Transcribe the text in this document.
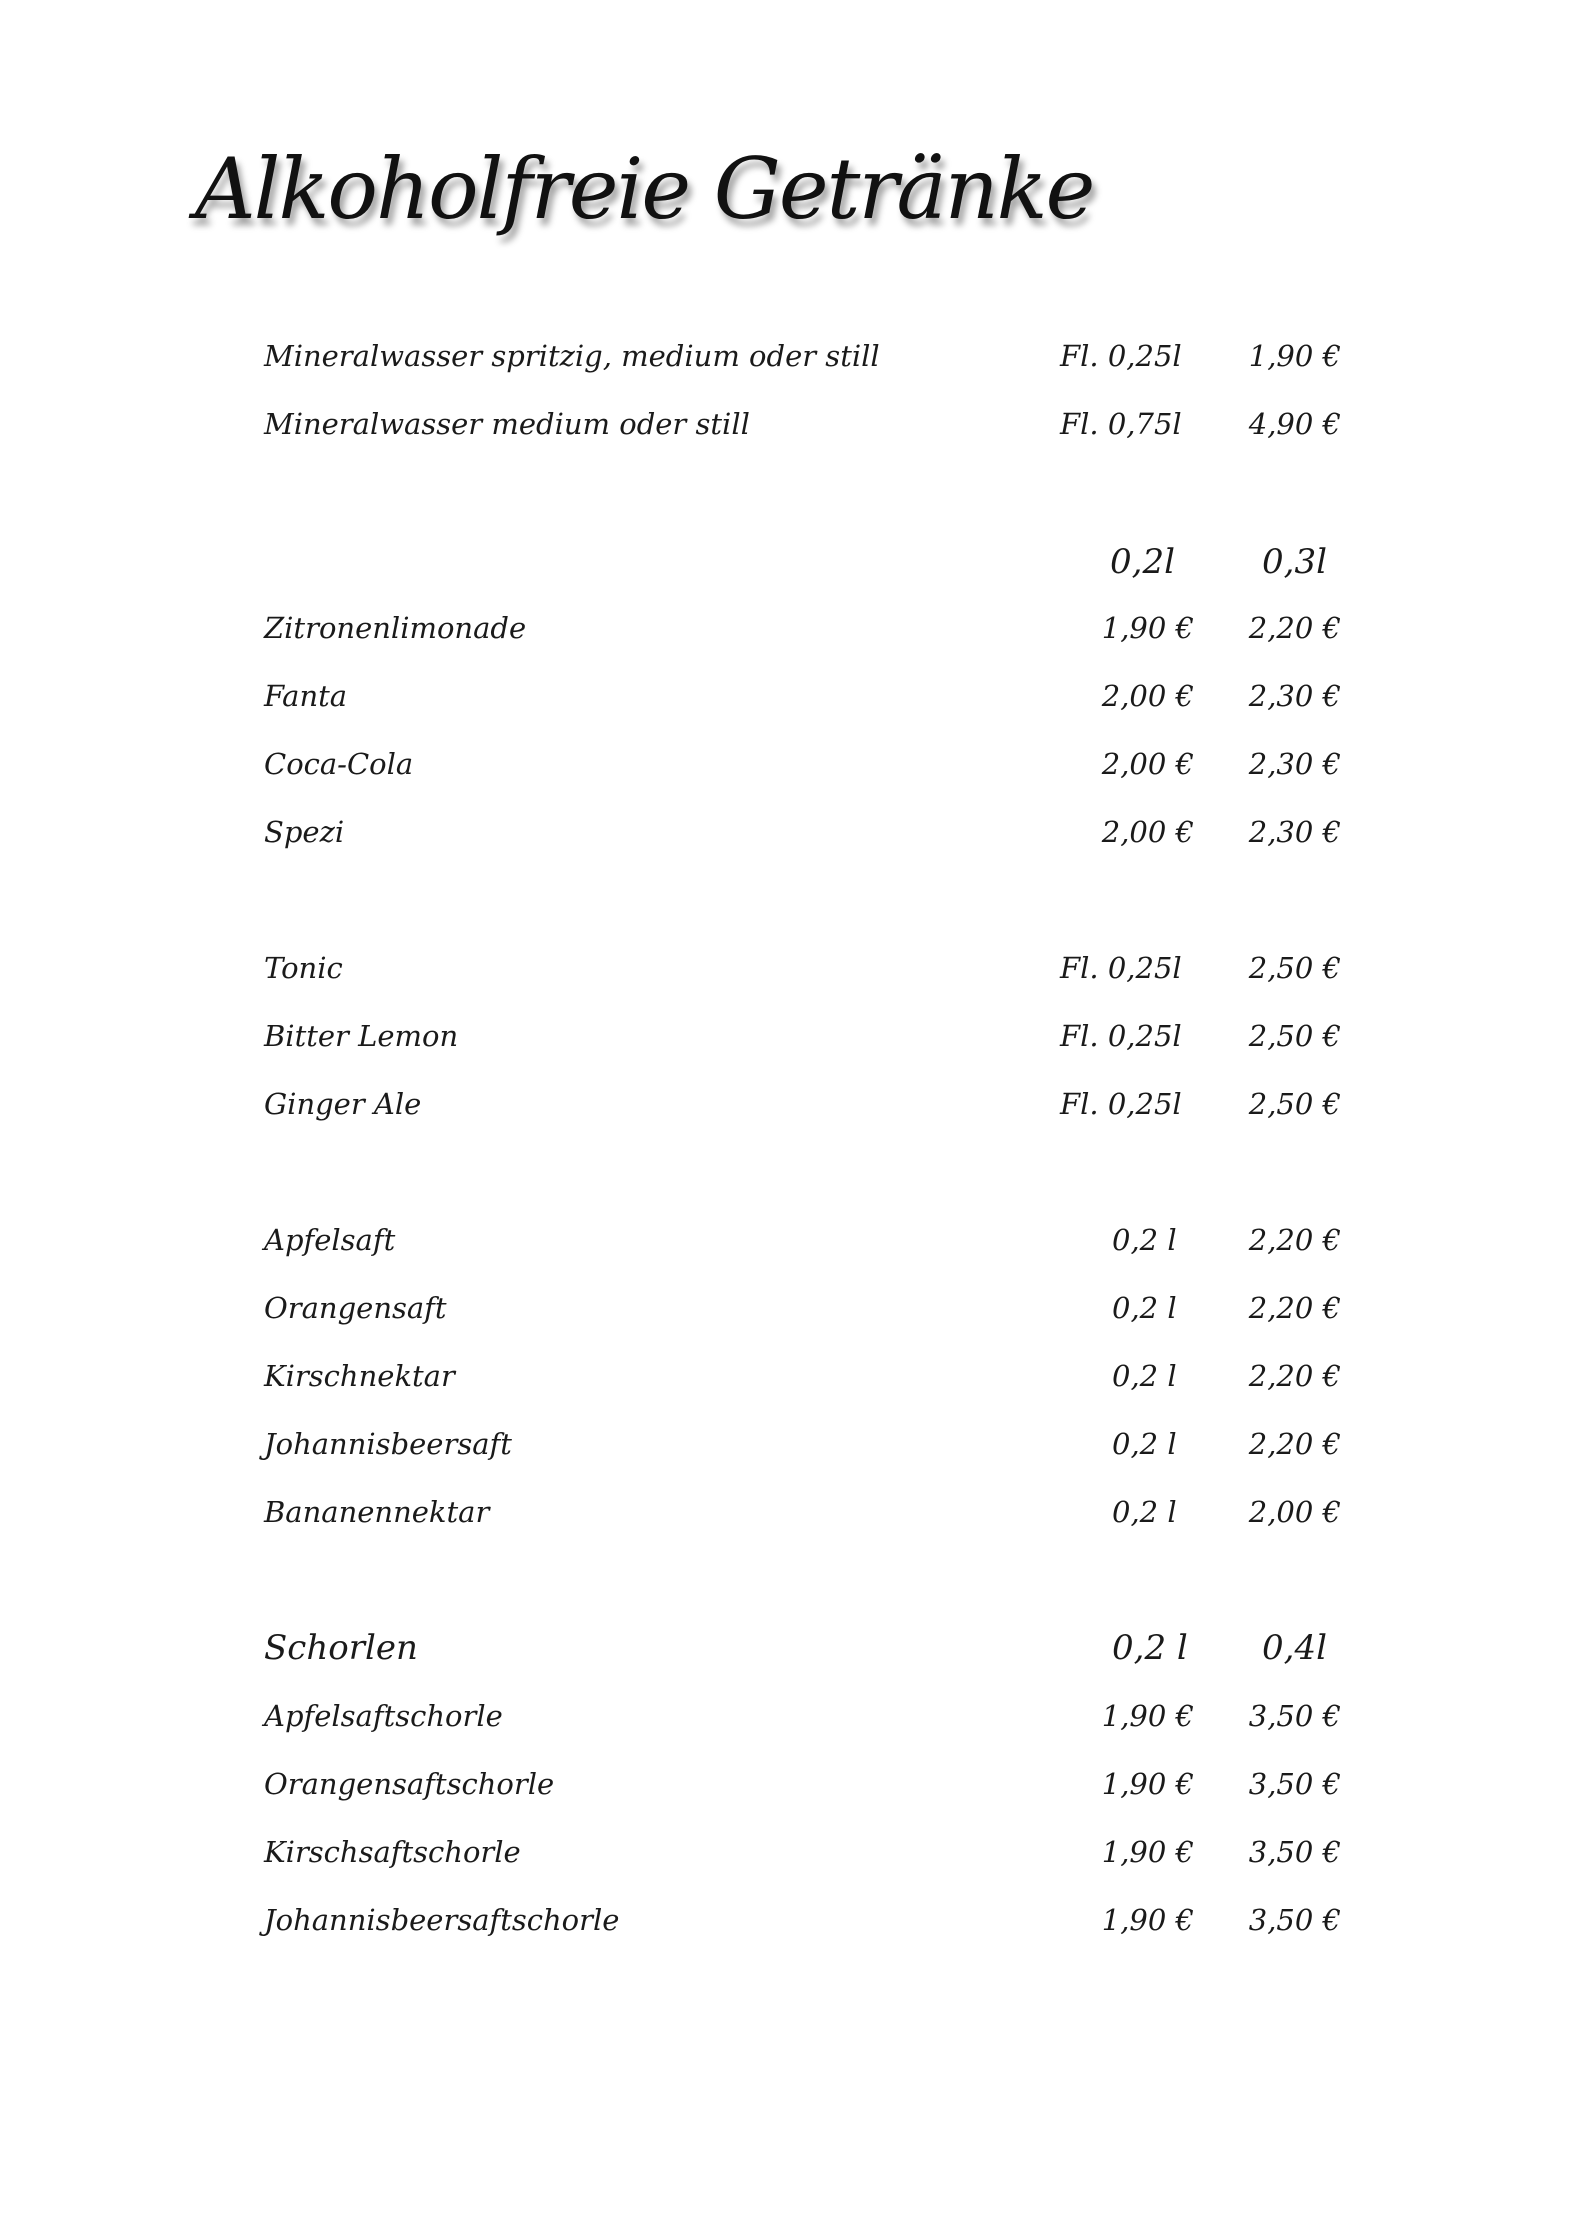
Alkoholfreie Getränke
Mineralwasser spritzig, medium oder still	Fl. 0,25l 1,90 €
Mineralwasser medium oder still	Fl. 0,75l 4,90 €
0,2l	0,3l
Zitronenlimonade	1,90 € 2,20 €
Fanta	2,00 € 2,30 €
Coca-Cola	2,00 € 2,30 €
Spezi	2,00 € 2,30 €
Tonic	Fl. 0,25l 2,50 €
Bitter Lemon	Fl. 0,25l 2,50 €
Ginger Ale	Fl. 0,25l 2,50 €
Apfelsaft	0,2 l 2,20 €
Orangensaft	0,2 l 2,20 €
Kirschnektar	0,2 l 2,20 €
Johannisbeersaft	0,2 l 2,20 €
Bananennektar	0,2 l 2,00 €
Schorlen	0,2 l 0,4l
Apfelsaftschorle	1,90 € 3,50 €
Orangensaftschorle	1,90 € 3,50 €
Kirschsaftschorle	1,90 € 3,50 €
Johannisbeersaftschorle	1,90 € 3,50 €
